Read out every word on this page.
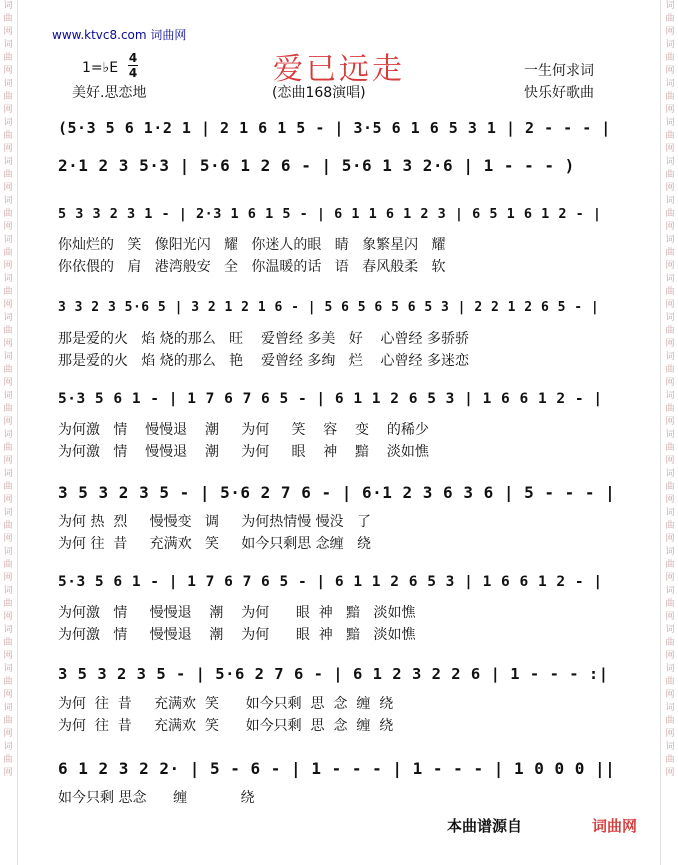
词曲网词曲网词曲网词曲网词曲网词曲网词曲网词曲网词曲网词曲网词曲网词曲网词曲网词曲网词曲网词曲网词曲网词曲网词曲网词曲网
词曲网词曲网词曲网词曲网词曲网词曲网词曲网词曲网词曲网词曲网词曲网词曲网词曲网词曲网词曲网词曲网词曲网词曲网词曲网词曲网
www.ktvc8.com 词曲网
爱已远走
1=♭E
4
4
美好.思恋地	(恋曲168演唱)
一生何求词
快乐好歌曲
(5·3 5 6 1·2 1 | 2 1 6 1 5 - | 3·5 6 1 6 5 3 1 | 2 - - - |
2·1 2 3 5·3 | 5·6 1 2 6 - | 5·6 1 3 2·6 | 1 - - - )
5 3 3 2 3 1 - | 2·3 1 6 1 5 - | 6 1 1 6 1 2 3 | 6 5 1 6 1 2 - |
你灿烂的   笑   像阳光闪   耀   你迷人的眼   睛   象繁星闪   耀
你依偎的   肩   港湾般安   全   你温暖的话   语   春风般柔   软
3 3 2 3 5·6 5 | 3 2 1 2 1 6 - | 5 6 5 6 5 6 5 3 | 2 2 1 2 6 5 - |
那是爱的火   焰 烧的那么   旺    爱曾经 多美   好    心曾经 多骄骄
那是爱的火   焰 烧的那么   艳    爱曾经 多绚   烂    心曾经 多迷恋
5·3 5 6 1 - | 1 7 6 7 6 5 - | 6 1 1 2 6 5 3 | 1 6 6 1 2 - |
为何激   情    慢慢退    潮     为何     笑    容    变    的稀少
为何激   情    慢慢退    潮     为何     眼    神    黯    淡如憔
3 5 3 2 3 5 - | 5·6 2 7 6 - | 6·1 2 3 6 3 6 | 5 - - - |
为何 热  烈     慢慢变   调     为何热情慢 慢没   了
为何 往  昔     充满欢   笑     如今只剩思 念缠   绕
5·3 5 6 1 - | 1 7 6 7 6 5 - | 6 1 1 2 6 5 3 | 1 6 6 1 2 - |
为何激   情     慢慢退    潮    为何      眼  神   黯   淡如憔
为何激   情     慢慢退    潮    为何      眼  神   黯   淡如憔
3 5 3 2 3 5 - | 5·6 2 7 6 - | 6 1 2 3 2 2 6 | 1 - - - :|
为何  往  昔     充满欢  笑      如今只剩  思  念  缠  绕
为何  往  昔     充满欢  笑      如今只剩  思  念  缠  绕
6 1 2 3 2 2· | 5 - 6 - | 1 - - - | 1 - - - | 1 0 0 0 ||
如今只剩 思念      缠            绕
本曲谱源自	词曲网
